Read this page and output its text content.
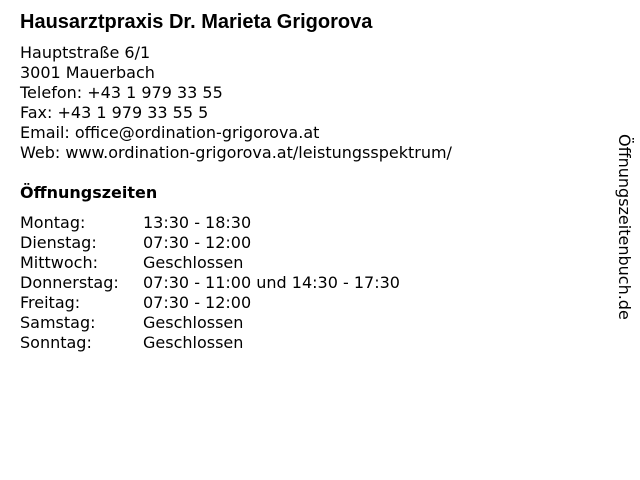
Hausarztpraxis Dr. Marieta Grigorova
Hauptstraße 6/1
3001 Mauerbach
Telefon: +43 1 979 33 55
Fax: +43 1 979 33 55 5
Email: office@ordination-grigorova.at
Web: www.ordination-grigorova.at/leistungsspektrum/
Öffnungszeiten
Montag:	13:30 - 18:30
Dienstag:	07:30 - 12:00
Mittwoch:	Geschlossen
Donnerstag: 07:30 - 11:00 und 14:30 - 17:30
Freitag:	07:30 - 12:00
Samstag:	Geschlossen
Sonntag:	Geschlossen
Öffnungszeitenbuch.de
